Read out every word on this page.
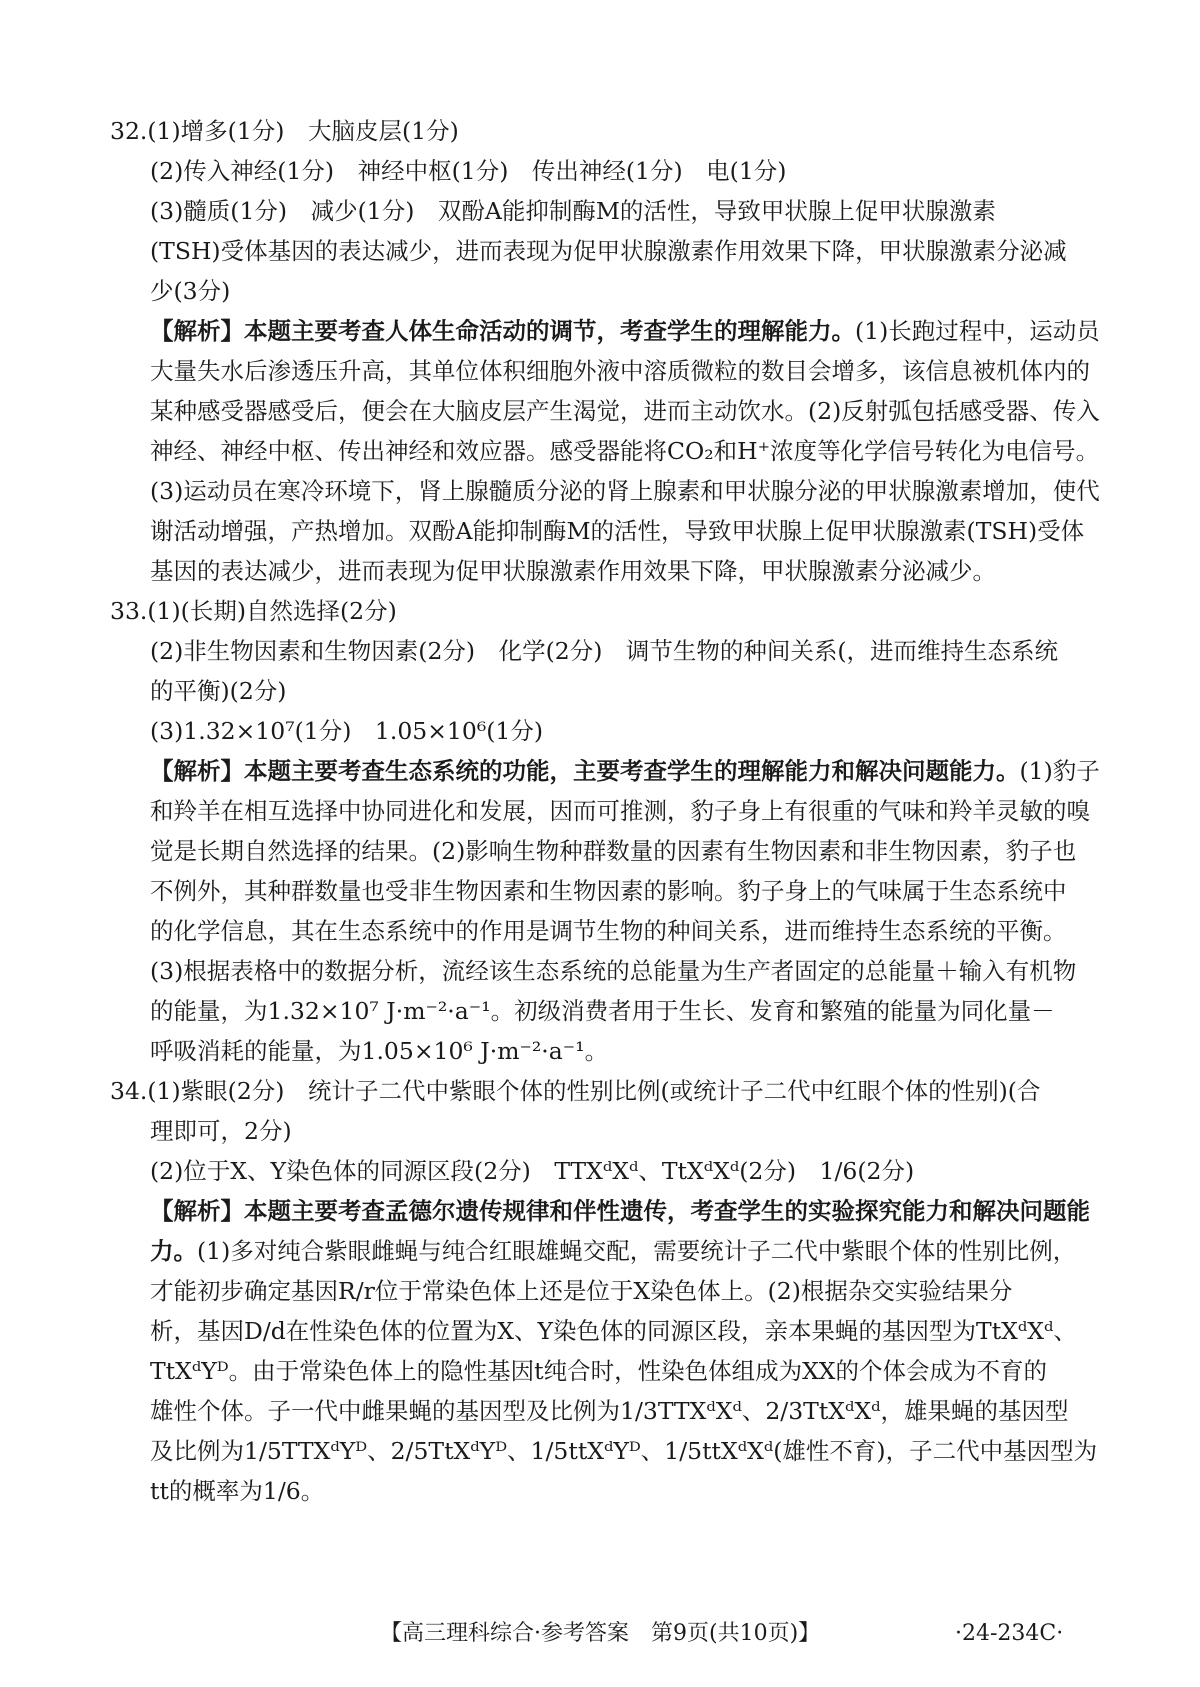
32.(1)增多(1分)　大脑皮层(1分)
(2)传入神经(1分)　神经中枢(1分)　传出神经(1分)　电(1分)
(3)髓质(1分)　减少(1分)　双酚A能抑制酶M的活性，导致甲状腺上促甲状腺激素
(TSH)受体基因的表达减少，进而表现为促甲状腺激素作用效果下降，甲状腺激素分泌减
少(3分)
【解析】本题主要考查人体生命活动的调节，考查学生的理解能力。(1)长跑过程中，运动员
大量失水后渗透压升高，其单位体积细胞外液中溶质微粒的数目会增多，该信息被机体内的
某种感受器感受后，便会在大脑皮层产生渴觉，进而主动饮水。(2)反射弧包括感受器、传入
神经、神经中枢、传出神经和效应器。感受器能将CO₂和H⁺浓度等化学信号转化为电信号。
(3)运动员在寒冷环境下，肾上腺髓质分泌的肾上腺素和甲状腺分泌的甲状腺激素增加，使代
谢活动增强，产热增加。双酚A能抑制酶M的活性，导致甲状腺上促甲状腺激素(TSH)受体
基因的表达减少，进而表现为促甲状腺激素作用效果下降，甲状腺激素分泌减少。
33.(1)(长期)自然选择(2分)
(2)非生物因素和生物因素(2分)　化学(2分)　调节生物的种间关系(，进而维持生态系统
的平衡)(2分)
(3)1.32×10⁷(1分)　1.05×10⁶(1分)
【解析】本题主要考查生态系统的功能，主要考查学生的理解能力和解决问题能力。(1)豹子
和羚羊在相互选择中协同进化和发展，因而可推测，豹子身上有很重的气味和羚羊灵敏的嗅
觉是长期自然选择的结果。(2)影响生物种群数量的因素有生物因素和非生物因素，豹子也
不例外，其种群数量也受非生物因素和生物因素的影响。豹子身上的气味属于生态系统中
的化学信息，其在生态系统中的作用是调节生物的种间关系，进而维持生态系统的平衡。
(3)根据表格中的数据分析，流经该生态系统的总能量为生产者固定的总能量＋输入有机物
的能量，为1.32×10⁷ J·m⁻²·a⁻¹。初级消费者用于生长、发育和繁殖的能量为同化量－
呼吸消耗的能量，为1.05×10⁶ J·m⁻²·a⁻¹。
34.(1)紫眼(2分)　统计子二代中紫眼个体的性别比例(或统计子二代中红眼个体的性别)(合
理即可，2分)
(2)位于X、Y染色体的同源区段(2分)　TTXᵈXᵈ、TtXᵈXᵈ(2分)　1/6(2分)
【解析】本题主要考查孟德尔遗传规律和伴性遗传，考查学生的实验探究能力和解决问题能
力。(1)多对纯合紫眼雌蝇与纯合红眼雄蝇交配，需要统计子二代中紫眼个体的性别比例，
才能初步确定基因R/r位于常染色体上还是位于X染色体上。(2)根据杂交实验结果分
析，基因D/d在性染色体的位置为X、Y染色体的同源区段，亲本果蝇的基因型为TtXᵈXᵈ、
TtXᵈYᴰ。由于常染色体上的隐性基因t纯合时，性染色体组成为XX的个体会成为不育的
雄性个体。子一代中雌果蝇的基因型及比例为1/3TTXᵈXᵈ、2/3TtXᵈXᵈ，雄果蝇的基因型
及比例为1/5TTXᵈYᴰ、2/5TtXᵈYᴰ、1/5ttXᵈYᴰ、1/5ttXᵈXᵈ(雄性不育)，子二代中基因型为
tt的概率为1/6。
【高三理科综合·参考答案　第9页(共10页)】	·24-234C·
